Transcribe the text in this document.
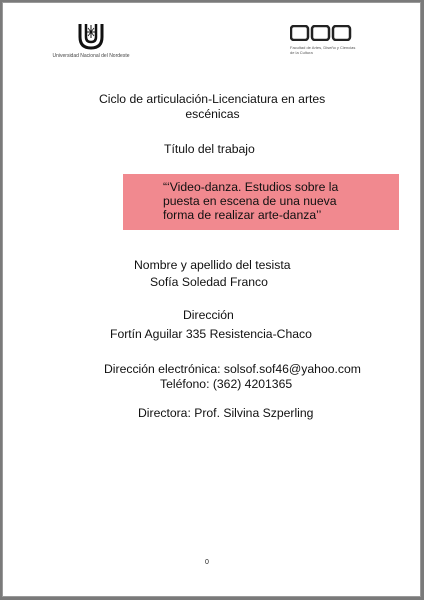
Universidad Nacional del Nordeste
Facultad de Artes, Diseño y Ciencias de la Cultura
Ciclo de articulación-Licenciatura en artes
escénicas
Título del trabajo
“‘Video-danza. Estudios sobre la puesta en escena de una nueva forma de realizar arte-danza’’
Nombre y apellido del tesista
Sofía Soledad Franco
Dirección
Fortín Aguilar 335 Resistencia-Chaco
Dirección electrónica: solsof.sof46@yahoo.com
Teléfono: (362) 4201365
Directora: Prof. Silvina Szperling
0
